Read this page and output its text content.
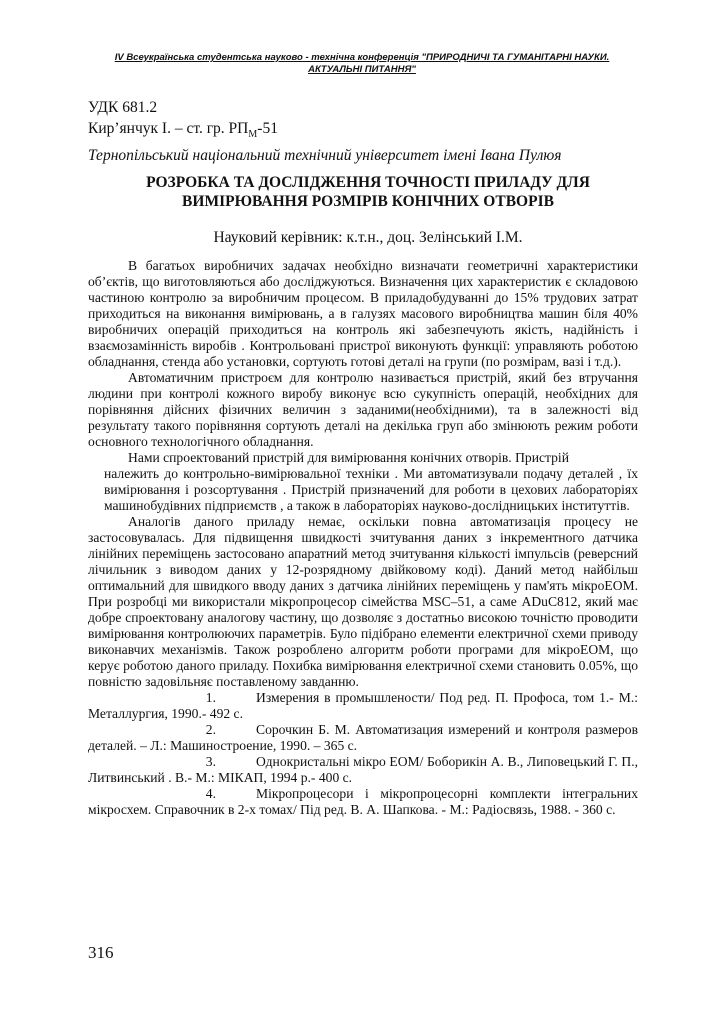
IV Всеукраїнська студентська науково - технічна конференція "ПРИРОДНИЧІ ТА ГУМАНІТАРНІ НАУКИ.
АКТУАЛЬНІ ПИТАННЯ"
УДК 681.2
Кир’янчук І. – ст. гр. $РП_М-51$
Тернопільський національний технічний університет імені Івана Пулюя
РОЗРОБКА ТА ДОСЛІДЖЕННЯ ТОЧНОСТІ ПРИЛАДУ ДЛЯ
ВИМІРЮВАННЯ РОЗМІРІВ КОНІЧНИХ ОТВОРІВ
Науковий керівник: к.т.н., доц. Зелінський І.М.

В багатьох виробничих задачах необхідно визначати геометричні характеристики об’єктів, що виготовляються або досліджуються. Визначення цих характеристик є складовою частиною контролю за виробничим процесом. В приладобудуванні до 15% трудових затрат приходиться на виконання вимірювань, а в галузях масового виробництва машин біля 40% виробничих операцій приходиться на контроль які забезпечують якість, надійність і взаємозамінність виробів . Контрольовані пристрої виконують функції: управляють роботою обладнання, стенда або установки, сортують готові деталі на групи (по розмірам, вазі і т.д.).

Автоматичним пристроєм для контролю називається пристрій, який без втручання людини при контролі кожного виробу виконує всю сукупність операцій, необхідних для порівняння дійсних фізичних величин з заданими(необхідними), та в залежності від результату такого порівняння сортують деталі на декілька груп або змінюють режим роботи основного технологічного обладнання.

Нами спроектований пристрій для вимірювання конічних отворів. Пристрій
належить до контрольно-вимірювальної техніки . Ми автоматизували подачу деталей , їх вимірювання і розсортування . Пристрій призначений для роботи в цехових лабораторіях машинобудівних підприємств , а також в лабораторіях науково-дослідницьких інституттів.

Аналогів даного приладу немає, оскільки повна автоматизація процесу не застосовувалась. Для підвищення швидкості зчитування даних з інкрементного датчика лінійних переміщень застосовано апаратний метод зчитування кількості імпульсів (реверсний лічильник з виводом даних у 12-розрядному двійковому коді). Даний метод найбільш оптимальний для швидкого вводу даних з датчика лінійних переміщень у пам'ять мікроЕОМ. При розробці ми використали мікропроцесор сімейства MSC–51, а саме ADuC812, який має добре спроектовану аналогову частину, що дозволяє з достатньо високою точністю проводити вимірювання контролюючих параметрів. Було підібрано елементи електричної схеми приводу виконавчих механізмів. Також розроблено алгоритм роботи програми для мікроЕОМ, що керує роботою даного приладу. Похибка вимірювання електричної схеми становить 0.05%, що повністю задовільняє поставленому завданню.

1.	Измерения в промышлености/ Под ред. П. Профоса, том 1.- М.: Металлургия, 1990.- 492 с.

2.	Сорочкин Б. М. Автоматизация измерений и контроля размеров деталей. – Л.: Машиностроение, 1990. – 365 с.

3.	Однокристальні мікро ЕОМ/ Боборикін А. В., Липовецький Г. П., Литвинський . В.- М.: МІКАП, 1994 р.- 400 с.

4.	Мікропроцесори і мікропроцесорні комплекти інтегральних мікросхем. Справочник в 2-х томах/ Під ред. В. А. Шапкова. - М.: Радіосвязь, 1988. - 360 с.

316
